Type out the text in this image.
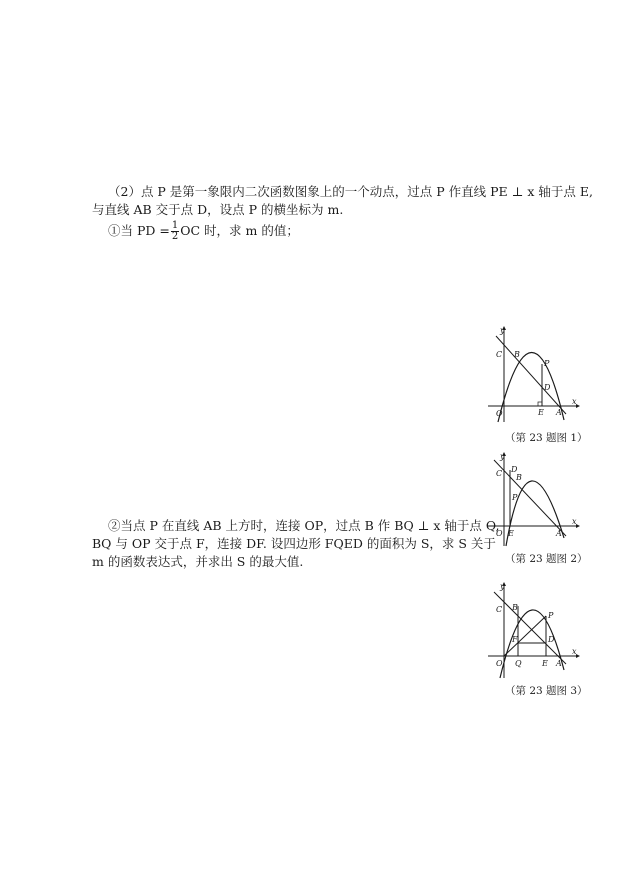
（2）点 P 是第一象限内二次函数图象上的一个动点，过点 P 作直线 PE ⊥ x 轴于点 E,
与直线 AB 交于点 D，设点 P 的横坐标为 m.
①当 PD = $\frac{1}{2}$ OC 时，求 m 的值；
②当点 P 在直线 AB 上方时，连接 OP，过点 B 作 BQ ⊥ x 轴于点 Q,
BQ 与 OP 交于点 F，连接 DF. 设四边形 FQED 的面积为 S，求 S 关于
m 的函数表达式，并求出 S 的最大值.
y
x
O
C B
P
D
E A
（第 23 题图 1）
y
x
O
C D
B
P
E	A
（第 23 题图 2）
y
x
O
C B
P
F	D
Q	E A
（第 23 题图 3）
